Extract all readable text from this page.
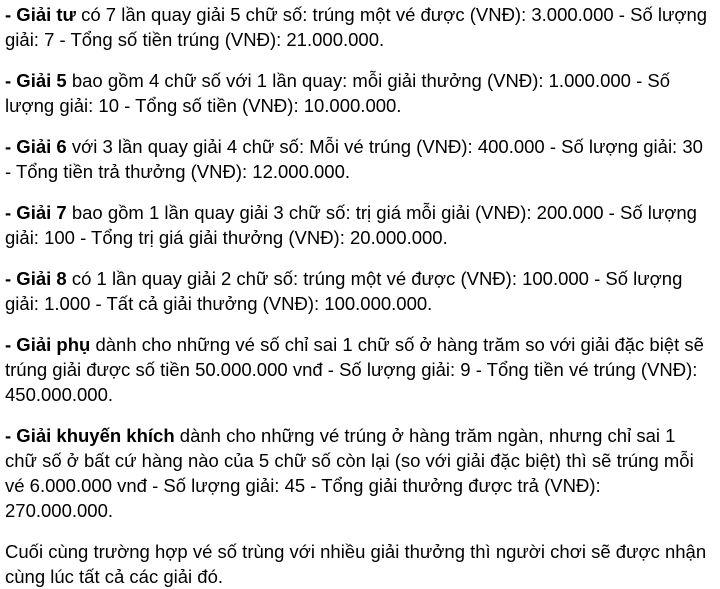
- Giải tư có 7 lần quay giải 5 chữ số: trúng một vé được (VNĐ): 3.000.000 - Số lượng giải: 7 - Tổng số tiền trúng (VNĐ): 21.000.000.

- Giải 5 bao gồm 4 chữ số với 1 lần quay: mỗi giải thưởng (VNĐ): 1.000.000 - Số lượng giải: 10 - Tổng số tiền (VNĐ): 10.000.000.

- Giải 6 với 3 lần quay giải 4 chữ số: Mỗi vé trúng (VNĐ): 400.000 - Số lượng giải: 30 - Tổng tiền trả thưởng (VNĐ): 12.000.000.

- Giải 7 bao gồm 1 lần quay giải 3 chữ số: trị giá mỗi giải (VNĐ): 200.000 - Số lượng giải: 100 - Tổng trị giá giải thưởng (VNĐ): 20.000.000.

- Giải 8 có 1 lần quay giải 2 chữ số: trúng một vé được (VNĐ): 100.000 - Số lượng giải: 1.000 - Tất cả giải thưởng (VNĐ): 100.000.000.

- Giải phụ dành cho những vé số chỉ sai 1 chữ số ở hàng trăm so với giải đặc biệt sẽ trúng giải được số tiền 50.000.000 vnđ - Số lượng giải: 9 - Tổng tiền vé trúng (VNĐ): 450.000.000.

- Giải khuyến khích dành cho những vé trúng ở hàng trăm ngàn, nhưng chỉ sai 1 chữ số ở bất cứ hàng nào của 5 chữ số còn lại (so với giải đặc biệt) thì sẽ trúng mỗi vé 6.000.000 vnđ - Số lượng giải: 45 - Tổng giải thưởng được trả (VNĐ): 270.000.000.

Cuối cùng trường hợp vé số trùng với nhiều giải thưởng thì người chơi sẽ được nhận cùng lúc tất cả các giải đó.
